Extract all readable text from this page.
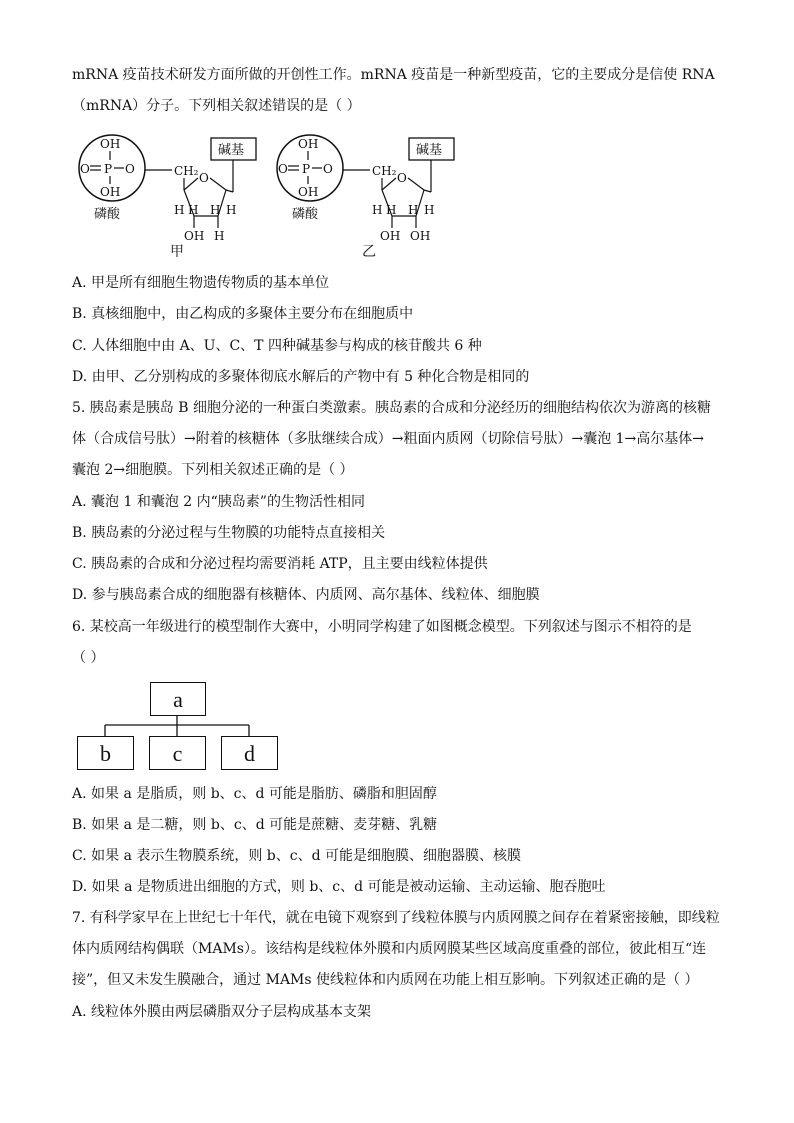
mRNA 疫苗技术研发方面所做的开创性工作。mRNA 疫苗是一种新型疫苗，它的主要成分是信使 RNA
（mRNA）分子。下列相关叙述错误的是（ ）
OH
O P O
OH
磷酸
CH₂ O
H H H H
OH H
碱基
甲
OH
O P O
OH
磷酸
CH₂ O
H H H H
OH OH
碱基
乙
A. 甲是所有细胞生物遗传物质的基本单位
B. 真核细胞中，由乙构成的多聚体主要分布在细胞质中
C. 人体细胞中由 A、U、C、T 四种碱基参与构成的核苷酸共 6 种
D. 由甲、乙分别构成的多聚体彻底水解后的产物中有 5 种化合物是相同的
5. 胰岛素是胰岛 B 细胞分泌的一种蛋白类激素。胰岛素的合成和分泌经历的细胞结构依次为游离的核糖
体（合成信号肽）→附着的核糖体（多肽继续合成）→粗面内质网（切除信号肽）→囊泡 1→高尔基体→
囊泡 2→细胞膜。下列相关叙述正确的是（ ）
A. 囊泡 1 和囊泡 2 内“胰岛素”的生物活性相同
B. 胰岛素的分泌过程与生物膜的功能特点直接相关
C. 胰岛素的合成和分泌过程均需要消耗 ATP，且主要由线粒体提供
D. 参与胰岛素合成的细胞器有核糖体、内质网、高尔基体、线粒体、细胞膜
6. 某校高一年级进行的模型制作大赛中，小明同学构建了如图概念模型。下列叙述与图示不相符的是
（ ）
a
b	c	d
A. 如果 a 是脂质，则 b、c、d 可能是脂肪、磷脂和胆固醇
B. 如果 a 是二糖，则 b、c、d 可能是蔗糖、麦芽糖、乳糖
C. 如果 a 表示生物膜系统，则 b、c、d 可能是细胞膜、细胞器膜、核膜
D. 如果 a 是物质进出细胞的方式，则 b、c、d 可能是被动运输、主动运输、胞吞胞吐
7. 有科学家早在上世纪七十年代，就在电镜下观察到了线粒体膜与内质网膜之间存在着紧密接触，即线粒
体内质网结构偶联（MAMs）。该结构是线粒体外膜和内质网膜某些区域高度重叠的部位，彼此相互“连
接”，但又未发生膜融合，通过 MAMs 使线粒体和内质网在功能上相互影响。下列叙述正确的是（ ）
A. 线粒体外膜由两层磷脂双分子层构成基本支架
